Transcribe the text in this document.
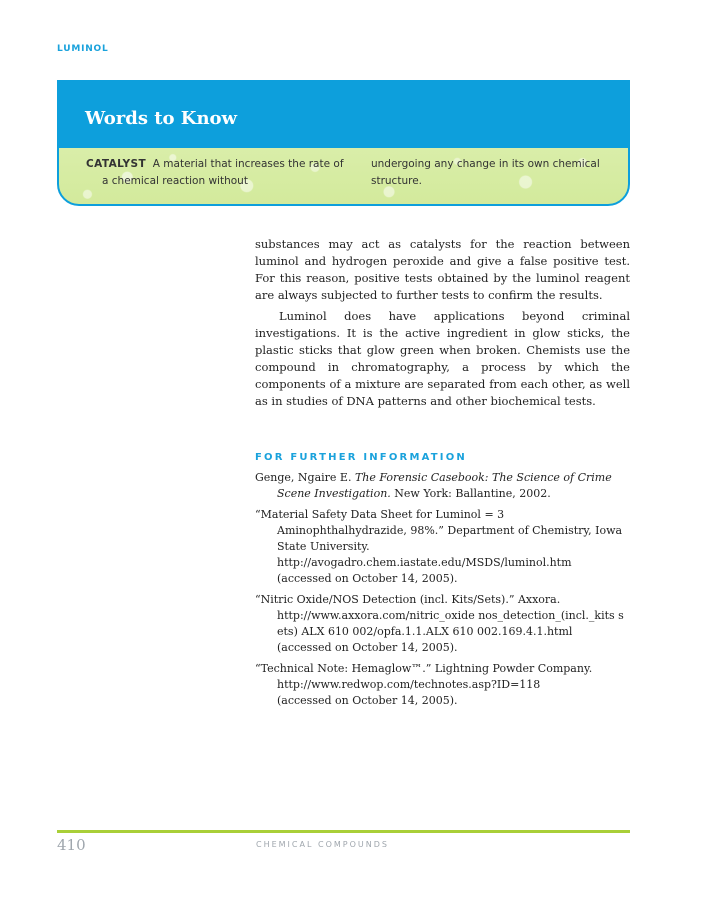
LUMINOL
Words to Know
CATALYST A material that increases the rate of a chemical reaction without
undergoing any change in its own chemical structure.

substances may act as catalysts for the reaction between luminol and hydrogen peroxide and give a false positive test. For this reason, positive tests obtained by the luminol reagent are always subjected to further tests to confirm the results.

Luminol does have applications beyond criminal investigations. It is the active ingredient in glow sticks, the plastic sticks that glow green when broken. Chemists use the compound in chromatography, a process by which the components of a mixture are separated from each other, as well as in studies of DNA patterns and other biochemical tests.

FOR FURTHER INFORMATION
Genge, Ngaire E. The Forensic Casebook: The Science of Crime Scene Investigation. New York: Ballantine, 2002.
“Material Safety Data Sheet for Luminol = 3 Aminophthalhydrazide, 98%.” Department of Chemistry, Iowa State University.
http://avogadro.chem.iastate.edu/MSDS/luminol.htm
(accessed on October 14, 2005).
“Nitric Oxide/NOS Detection (incl. Kits/Sets).” Axxora.
http://www.axxora.com/nitric_oxide nos_detection_(incl._kits sets) ALX 610 002/opfa.1.1.ALX 610 002.169.4.1.html
(accessed on October 14, 2005).
“Technical Note: Hemaglow™.” Lightning Powder Company.
http://www.redwop.com/technotes.asp?ID=118
(accessed on October 14, 2005).
410	CHEMICAL COMPOUNDS
